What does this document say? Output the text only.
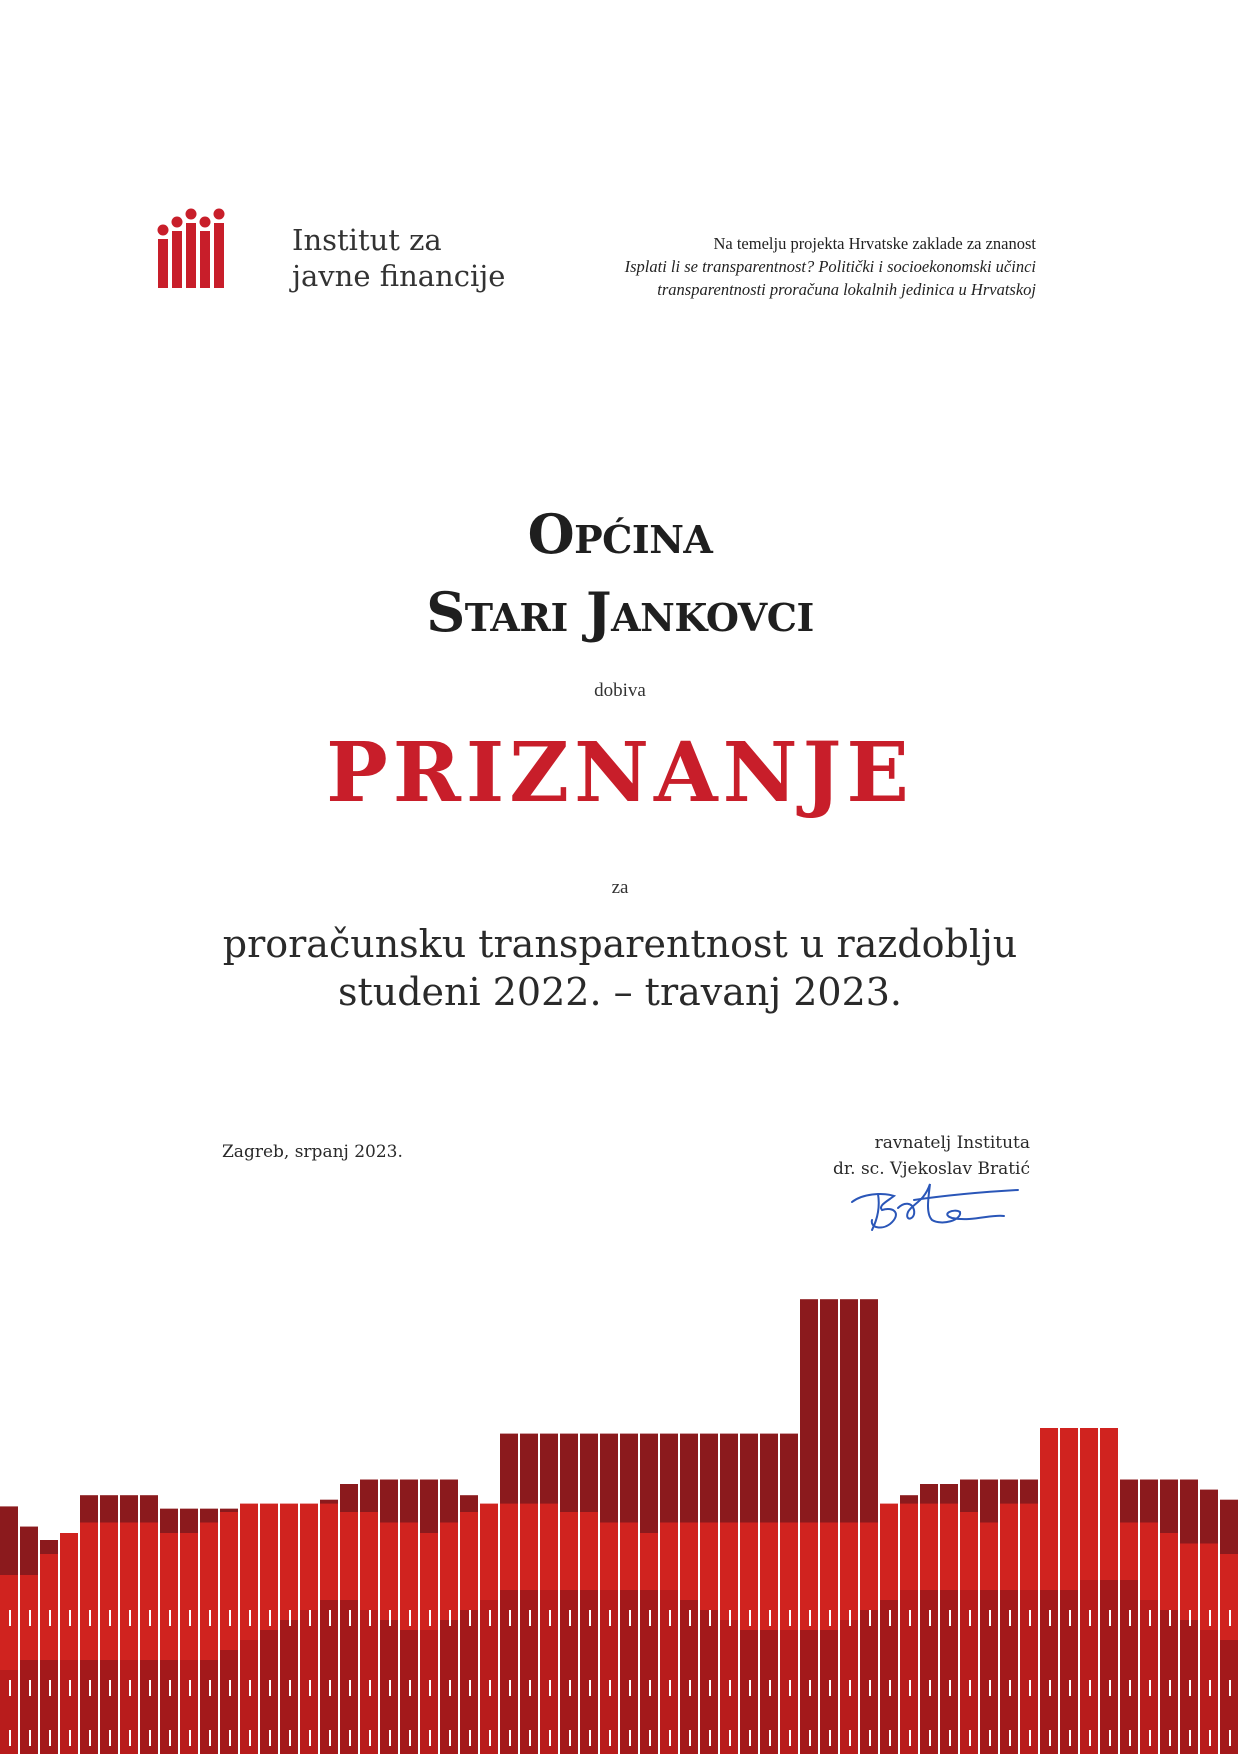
Institut za
javne financije
Na temelju projekta Hrvatske zaklade za znanost
Isplati li se transparentnost? Politički i socioekonomski učinci
transparentnosti proračuna lokalnih jedinica u Hrvatskoj
Općina
Stari Jankovci
dobiva
PRIZNANJE
za
proračunsku transparentnost u razdoblju
studeni 2022. – travanj 2023.
Zagreb, srpanj 2023.	ravnatelj Instituta
dr. sc. Vjekoslav Bratić
